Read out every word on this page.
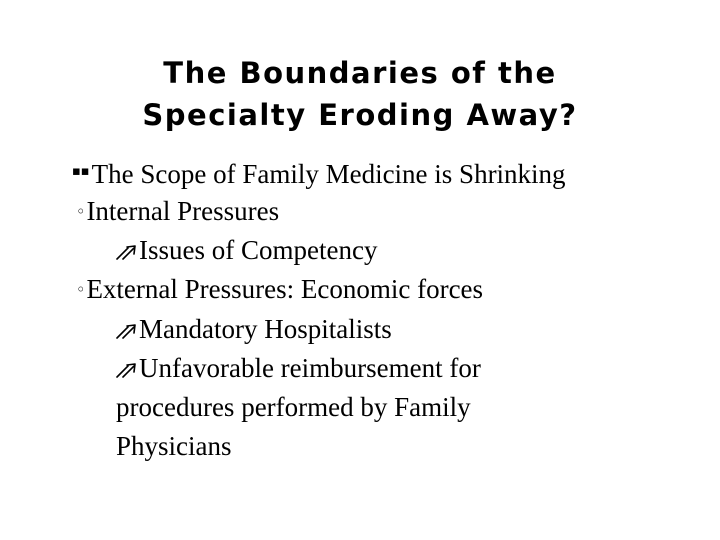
The Boundaries of the
Specialty Eroding Away?
▪▪The Scope of Family Medicine is Shrinking
◦Internal Pressures
Issues of Competency
◦External Pressures: Economic forces
Mandatory Hospitalists
Unfavorable reimbursement for
procedures performed by Family
Physicians
